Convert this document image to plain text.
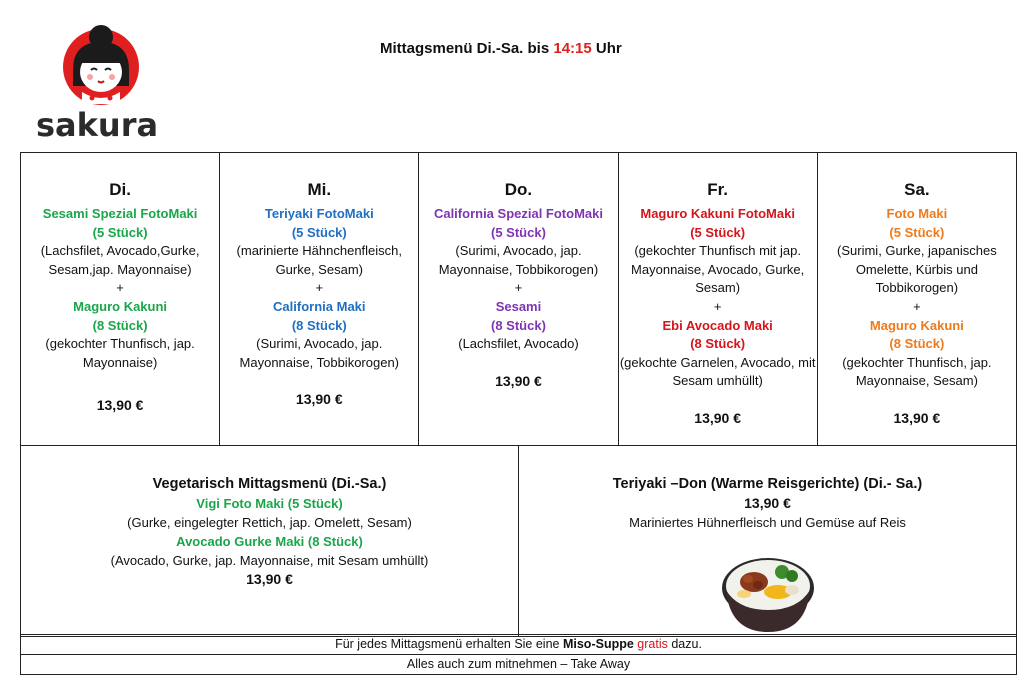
sakura
Mittagsmenü Di.-Sa. bis 14:15 Uhr
Di.
Sesami Spezial FotoMaki
(5 Stück)
(Lachsfilet, Avocado,Gurke, Sesam,jap. Mayonnaise)
+
Maguro Kakuni
(8 Stück)
(gekochter Thunfisch, jap. Mayonnaise)
13,90 €

Mi.
Teriyaki FotoMaki
(5 Stück)
(marinierte Hähnchenfleisch, Gurke, Sesam)
+
California Maki
(8 Stück)
(Surimi, Avocado, jap. Mayonnaise, Tobbikorogen)
13,90 €

Do.
California Spezial FotoMaki
(5 Stück)
(Surimi, Avocado, jap. Mayonnaise, Tobbikorogen)
+
Sesami
(8 Stück)
(Lachsfilet, Avocado)
13,90 €

Fr.
Maguro Kakuni FotoMaki
(5 Stück)
(gekochter Thunfisch mit jap. Mayonnaise, Avocado, Gurke, Sesam)
+
Ebi Avocado Maki
(8 Stück)
(gekochte Garnelen, Avocado, mit Sesam umhüllt)
13,90 €

Sa.
Foto Maki
(5 Stück)
(Surimi, Gurke, japanisches Omelette, Kürbis und Tobbikorogen)
+
Maguro Kakuni
(8 Stück)
(gekochter Thunfisch, jap. Mayonnaise, Sesam)
13,90 €
Vegetarisch Mittagsmenü (Di.-Sa.)
Vigi Foto Maki (5 Stück)
(Gurke, eingelegter Rettich, jap. Omelett, Sesam)
Avocado Gurke Maki (8 Stück)
(Avocado, Gurke, jap. Mayonnaise, mit Sesam umhüllt)
13,90 €

Teriyaki –Don (Warme Reisgerichte) (Di.- Sa.)
13,90 €
Mariniertes Hühnerfleisch und Gemüse auf Reis
Für jedes Mittagsmenü erhalten Sie eine Miso-Suppe gratis dazu.
Alles auch zum mitnehmen – Take Away
